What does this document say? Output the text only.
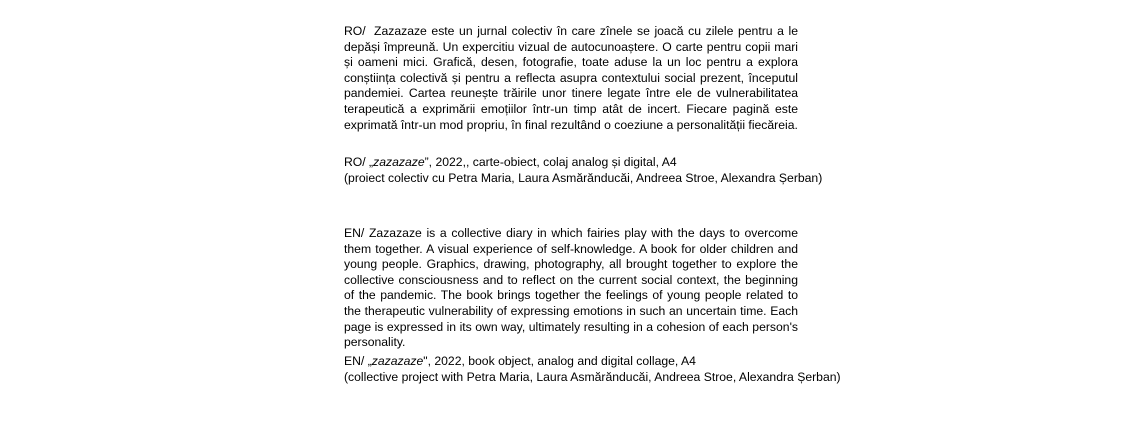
RO/ Zazazaze este un jurnal colectiv în care zînele se joacă cu zilele pentru a le depăși împreună. Un expercitiu vizual de autocunoaștere. O carte pentru copii mari și oameni mici. Grafică, desen, fotografie, toate aduse la un loc pentru a explora conștiința colectivă și pentru a reflecta asupra contextului social prezent, începutul pandemiei. Cartea reunește trăirile unor tinere legate între ele de vulnerabilitatea terapeutică a exprimării emoțiilor într-un timp atât de incert. Fiecare pagină este exprimată într-un mod propriu, în final rezultând o coeziune a personalității fiecăreia.

RO/ „zazazaze”, 2022,, carte-obiect, colaj analog și digital, A4

(proiect colectiv cu Petra Maria, Laura Asmărănducăi, Andreea Stroe, Alexandra Șerban)

EN/ Zazazaze is a collective diary in which fairies play with the days to overcome them together. A visual experience of self-knowledge. A book for older children and young people. Graphics, drawing, photography, all brought together to explore the collective consciousness and to reflect on the current social context, the beginning of the pandemic. The book brings together the feelings of young people related to the therapeutic vulnerability of expressing emotions in such an uncertain time. Each page is expressed in its own way, ultimately resulting in a cohesion of each person's personality.

EN/ „zazazaze", 2022, book object, analog and digital collage, A4

(collective project with Petra Maria, Laura Asmărănducăi, Andreea Stroe, Alexandra Șerban)
